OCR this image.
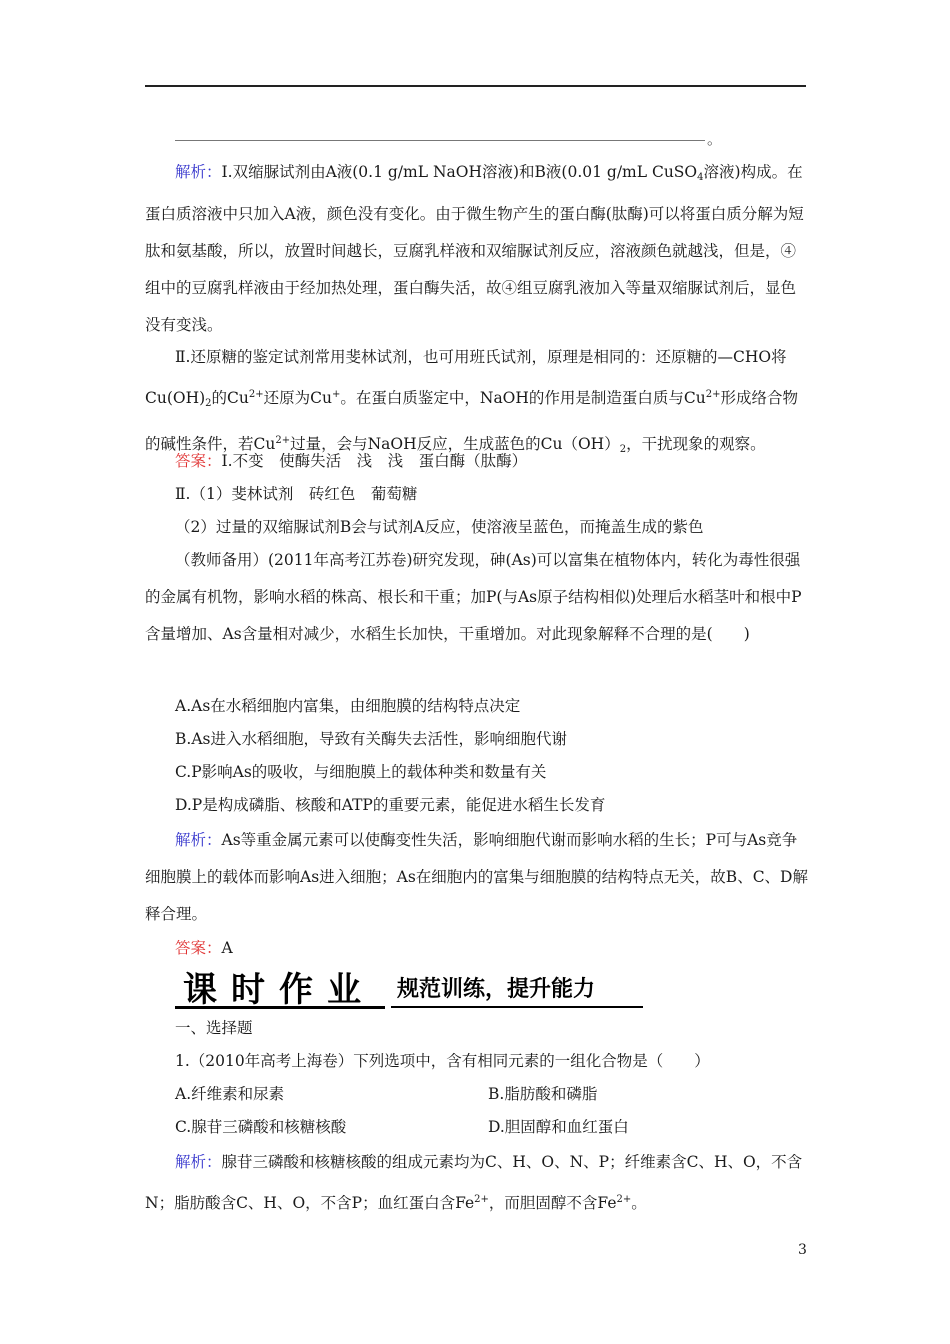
。

解析：Ⅰ.双缩脲试剂由A液(0.1 g/mL NaOH溶液)和B液(0.01 g/mL CuSO$_4$溶液)构成。在蛋白质溶液中只加入A液，颜色没有变化。由于微生物产生的蛋白酶(肽酶)可以将蛋白质分解为短肽和氨基酸，所以，放置时间越长，豆腐乳样液和双缩脲试剂反应，溶液颜色就越浅，但是，④组中的豆腐乳样液由于经加热处理，蛋白酶失活，故④组豆腐乳液加入等量双缩脲试剂后，显色没有变浅。

Ⅱ.还原糖的鉴定试剂常用斐林试剂，也可用班氏试剂，原理是相同的：还原糖的—CHO将$Cu(OH)_2$的$Cu^{2+}$还原为Cu+。在蛋白质鉴定中，NaOH的作用是制造蛋白质与$Cu^{2+}$形成络合物的碱性条件，若$Cu^{2+}$过量，会与NaOH反应，生成蓝色的$Cu(OH)_2$，干扰现象的观察。

答案：Ⅰ.不变　使酶失活　浅　浅　蛋白酶（肽酶）

Ⅱ.（1）斐林试剂　砖红色　葡萄糖

（2）过量的双缩脲试剂B会与试剂A反应，使溶液呈蓝色，而掩盖生成的紫色

（教师备用）(2011年高考江苏卷)研究发现，砷(As)可以富集在植物体内，转化为毒性很强的金属有机物，影响水稻的株高、根长和干重；加P(与As原子结构相似)处理后水稻茎叶和根中P含量增加、As含量相对减少，水稻生长加快，干重增加。对此现象解释不合理的是(　　)

A.As在水稻细胞内富集，由细胞膜的结构特点决定

B.As进入水稻细胞，导致有关酶失去活性，影响细胞代谢

C.P影响As的吸收，与细胞膜上的载体种类和数量有关

D.P是构成磷脂、核酸和ATP的重要元素，能促进水稻生长发育

解析：As等重金属元素可以使酶变性失活，影响细胞代谢而影响水稻的生长；P可与As竞争细胞膜上的载体而影响As进入细胞；As在细胞内的富集与细胞膜的结构特点无关，故B、C、D解释合理。

答案：A

课时作业 规范训练，提升能力

一、选择题

1.（2010年高考上海卷）下列选项中，含有相同元素的一组化合物是（　　）

A.纤维素和尿素	B.脂肪酸和磷脂

C.腺苷三磷酸和核糖核酸	D.胆固醇和血红蛋白

解析：腺苷三磷酸和核糖核酸的组成元素均为C、H、O、N、P；纤维素含C、H、O，不含N；脂肪酸含C、H、O，不含P；血红蛋白含$Fe^{2+}$，而胆固醇不含$Fe^{2+}$。

3
